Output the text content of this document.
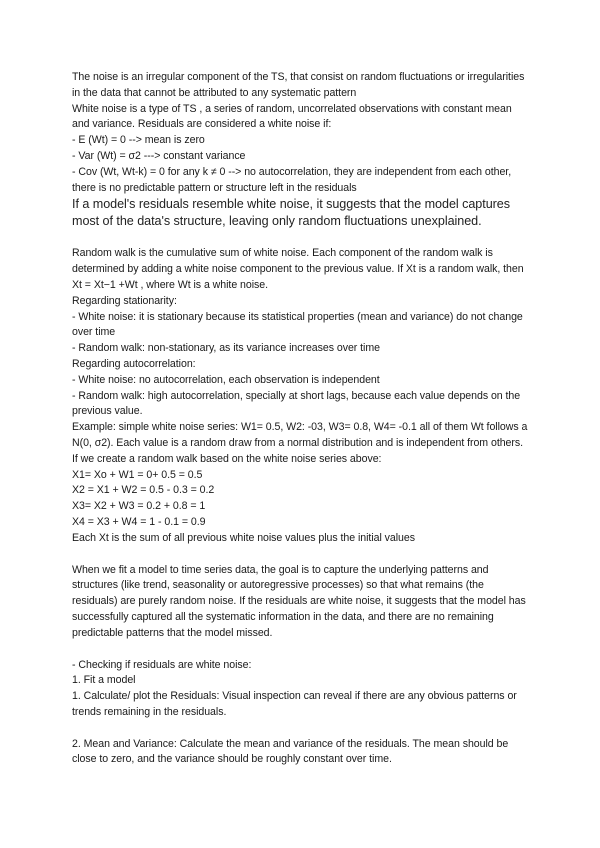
The noise is an irregular component of the TS, that consist on random fluctuations or irregularities in the data that cannot be attributed to any systematic pattern

White noise is a type of TS , a series of random, uncorrelated observations with constant mean and variance. Residuals are considered a white noise if:

- E (Wt) = 0 --> mean is zero

- Var (Wt) = σ2 ---> constant variance

- Cov (Wt, Wt-k) = 0 for any k ≠ 0 --> no autocorrelation, they are independent from each other, there is no predictable pattern or structure left in the residuals

If a model's residuals resemble white noise, it suggests that the model captures most of the data's structure, leaving only random fluctuations unexplained.

Random walk is the cumulative sum of white noise. Each component of the random walk is determined by adding a white noise component to the previous value. If Xt is a random walk, then

Xt = Xt−1 +Wt , where Wt is a white noise.

Regarding stationarity:

- White noise: it is stationary because its statistical properties (mean and variance) do not change over time

- Random walk: non-stationary, as its variance increases over time

Regarding autocorrelation:

- White noise: no autocorrelation, each observation is independent

- Random walk: high autocorrelation, specially at short lags, because each value depends on the previous value.

Example: simple white noise series: W1= 0.5, W2: -03, W3= 0.8, W4= -0.1 all of them Wt follows a N(0, σ2). Each value is a random draw from a normal distribution and is independent from others.

If we create a random walk based on the white noise series above:

X1= Xo + W1 = 0+ 0.5 = 0.5

X2 = X1 + W2 = 0.5 - 0.3 = 0.2

X3= X2 + W3 = 0.2 + 0.8 = 1

X4 = X3 + W4 = 1 - 0.1 = 0.9

Each Xt is the sum of all previous white noise values plus the initial values

When we fit a model to time series data, the goal is to capture the underlying patterns and structures (like trend, seasonality or autoregressive processes) so that what remains (the residuals) are purely random noise. If the residuals are white noise, it suggests that the model has successfully captured all the systematic information in the data, and there are no remaining predictable patterns that the model missed.

- Checking if residuals are white noise:

1. Fit a model

1. Calculate/ plot the Residuals: Visual inspection can reveal if there are any obvious patterns or trends remaining in the residuals.

2. Mean and Variance: Calculate the mean and variance of the residuals. The mean should be close to zero, and the variance should be roughly constant over time.
